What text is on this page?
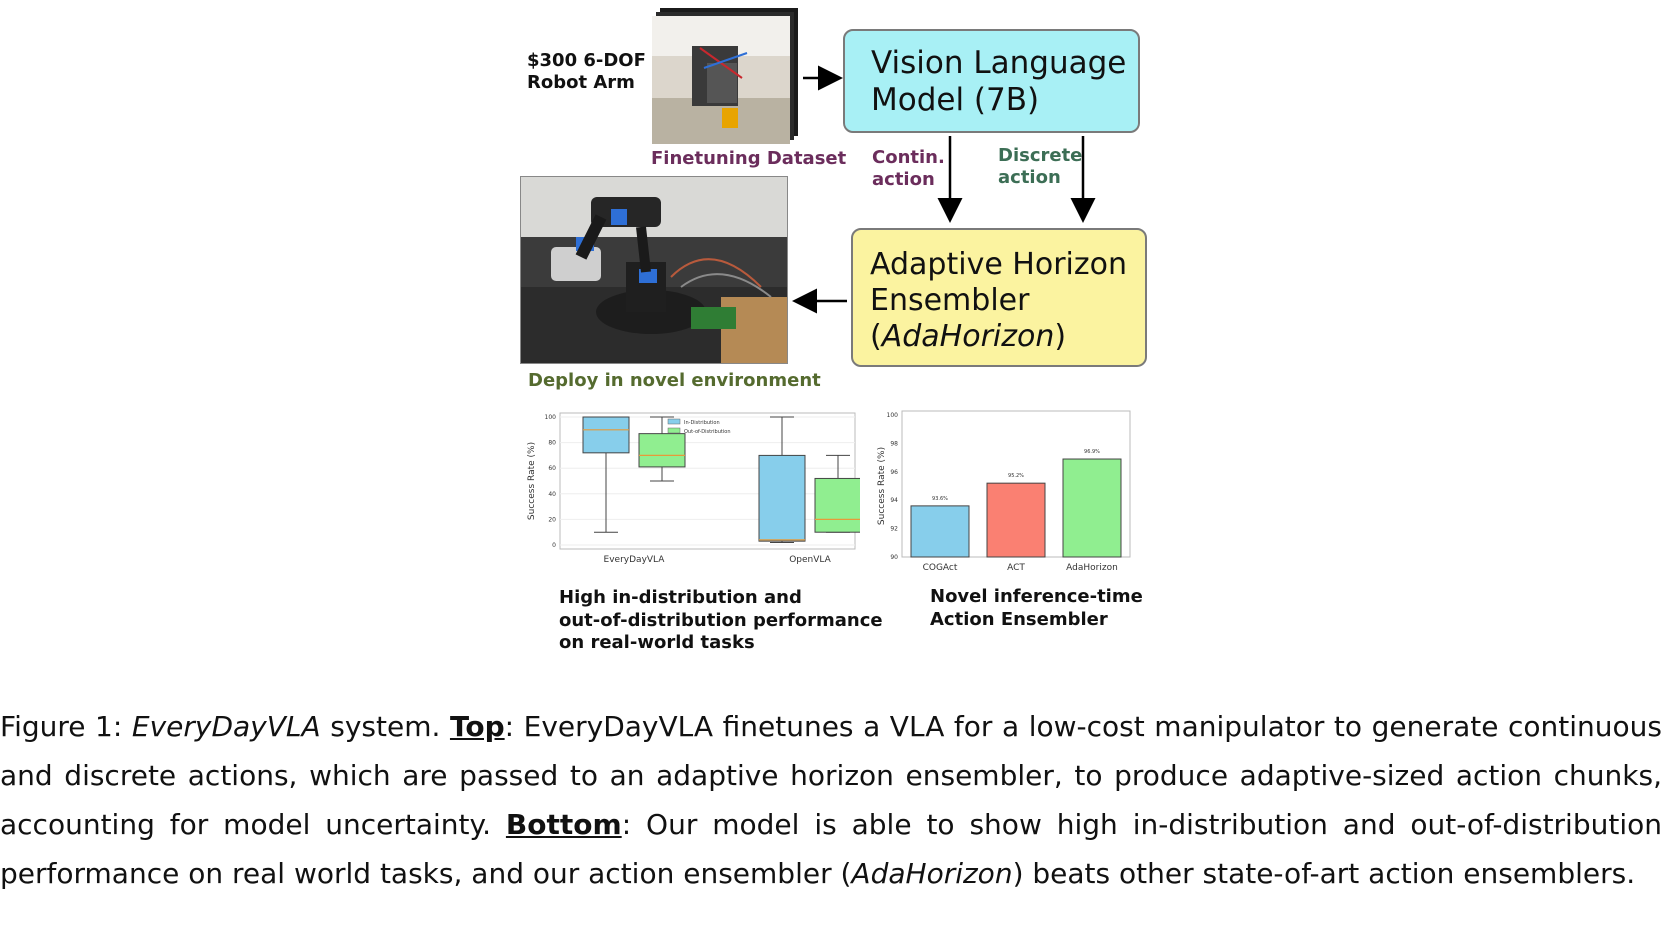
$300 6-DOF
Robot Arm
Finetuning Dataset
Vision Language
Model (7B)
Contin.
action
Discrete
action
Adaptive Horizon
Ensembler
(AdaHorizon)
Deploy in novel environment
0
20
40
60
80
100
Success Rate (%)
EveryDayVLA	OpenVLA
In-Distribution
Out-of-Distribution
High in-distribution and
out-of-distribution performance
on real-world tasks
90
92
94
96
98
100
Success Rate (%)	93.6%
COGAct
95.2%
ACT
96.9%
AdaHorizon
Novel inference-time
Action Ensembler
Figure 1: EveryDayVLA system. Top: EveryDayVLA finetunes a VLA for a low-cost manipulator to generate continuous and discrete actions, which are passed to an adaptive horizon ensembler, to produce adaptive-sized action chunks, accounting for model uncertainty. Bottom: Our model is able to show high in-distribution and out-of-distribution performance on real world tasks, and our action ensembler (AdaHorizon) beats other state-of-art action ensemblers.
